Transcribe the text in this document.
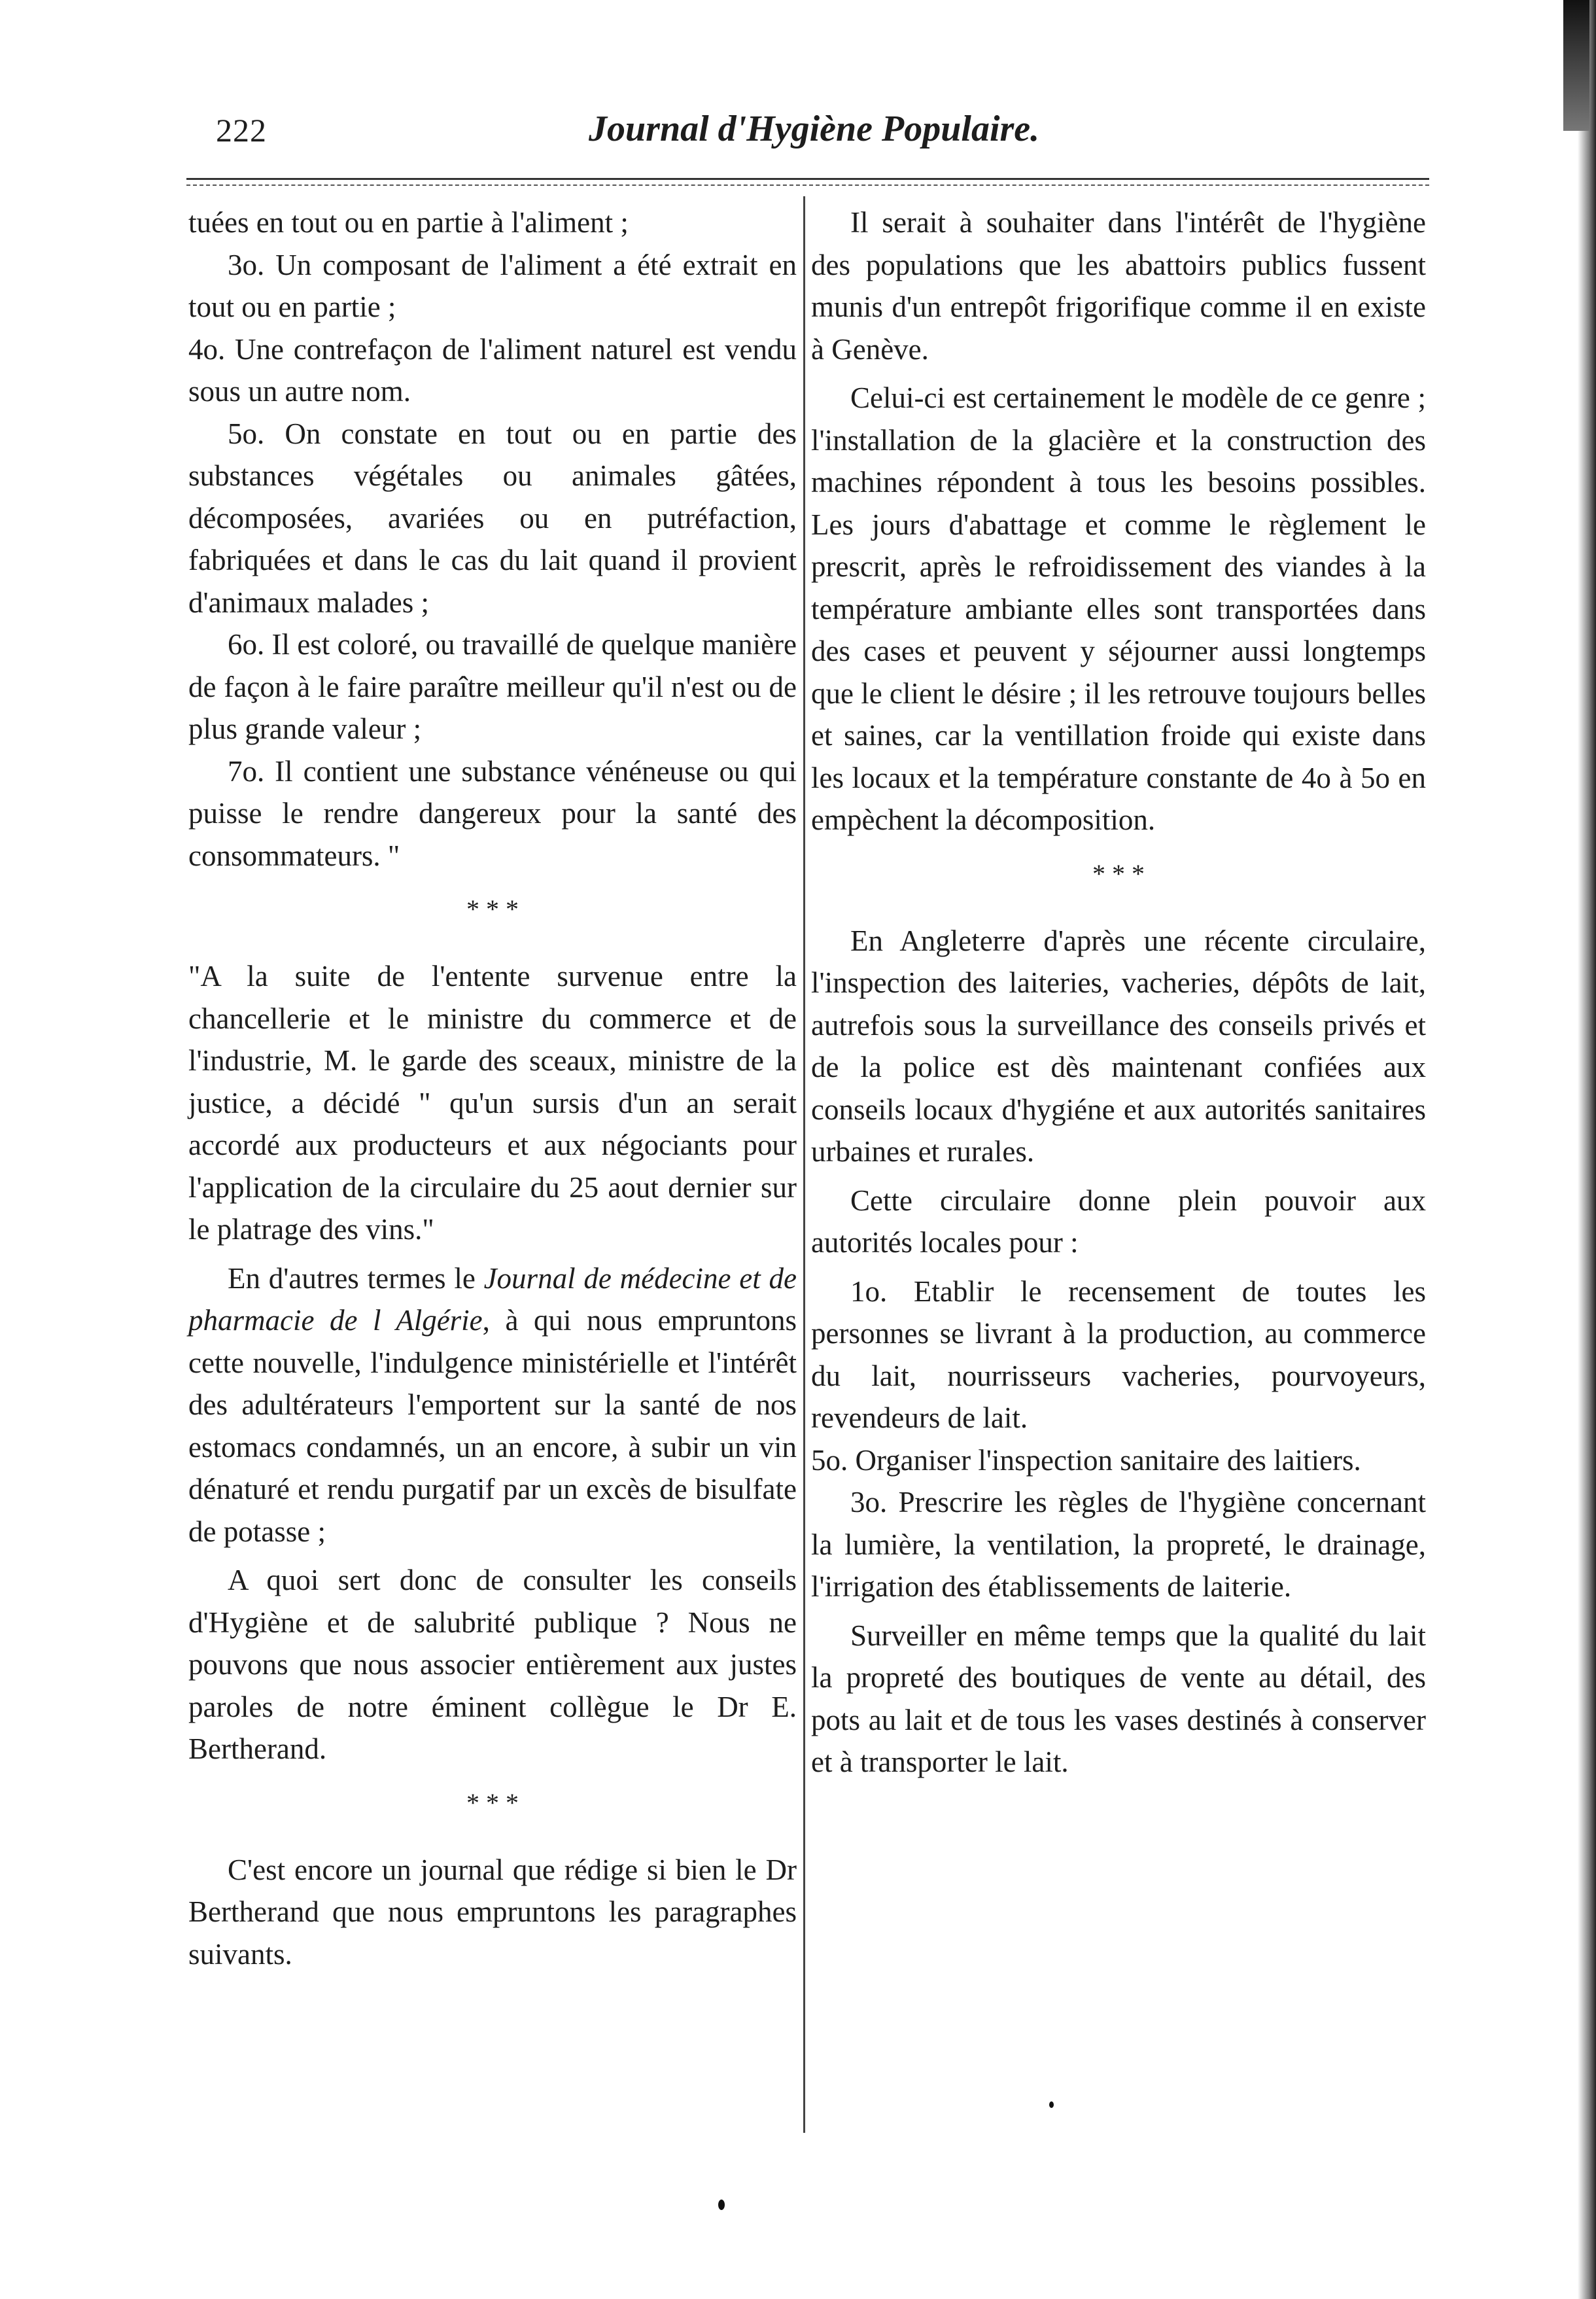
222	Journal d'Hygiène Populaire.

tuées en tout ou en partie à l'aliment ;

3o. Un composant de l'aliment a été extrait en tout ou en partie ;

4o. Une contrefaçon de l'aliment naturel est vendu sous un autre nom.

5o. On constate en tout ou en partie des substances végétales ou animales gâtées, décomposées, avariées ou en putréfaction, fabriquées et dans le cas du lait quand il provient d'animaux malades ;

6o. Il est coloré, ou travaillé de quelque manière de façon à le faire paraître meilleur qu'il n'est ou de plus grande valeur ;

7o. Il contient une substance vénéneuse ou qui puisse le rendre dangereux pour la santé des consommateurs. "

* * *

"A la suite de l'entente survenue entre la chancellerie et le ministre du commerce et de l'industrie, M. le garde des sceaux, ministre de la justice, a décidé " qu'un sursis d'un an serait accordé aux producteurs et aux négociants pour l'application de la circulaire du 25 aout dernier sur le platrage des vins."

En d'autres termes le Journal de médecine et de pharmacie de l Algérie, à qui nous empruntons cette nouvelle, l'indulgence ministérielle et l'intérêt des adultérateurs l'emportent sur la santé de nos estomacs condamnés, un an encore, à subir un vin dénaturé et rendu purgatif par un excès de bisulfate de potasse ;

A quoi sert donc de consulter les conseils d'Hygiène et de salubrité publique ? Nous ne pouvons que nous associer entièrement aux justes paroles de notre éminent collègue le Dr E. Bertherand.

* * *

C'est encore un journal que rédige si bien le Dr Bertherand que nous empruntons les paragraphes suivants.

Il serait à souhaiter dans l'intérêt de l'hygiène des populations que les abattoirs publics fussent munis d'un entrepôt frigorifique comme il en existe à Genève.

Celui-ci est certainement le modèle de ce genre ; l'installation de la glacière et la construction des machines répondent à tous les besoins possibles. Les jours d'abattage et comme le règlement le prescrit, après le refroidissement des viandes à la température ambiante elles sont transportées dans des cases et peuvent y séjourner aussi longtemps que le client le désire ; il les retrouve toujours belles et saines, car la ventillation froide qui existe dans les locaux et la température constante de 4o à 5o en empèchent la décomposition.

* * *

En Angleterre d'après une récente circulaire, l'inspection des laiteries, vacheries, dépôts de lait, autrefois sous la surveillance des conseils privés et de la police est dès maintenant confiées aux conseils locaux d'hygiéne et aux autorités sanitaires urbaines et rurales.

Cette circulaire donne plein pouvoir aux autorités locales pour :

1o. Etablir le recensement de toutes les personnes se livrant à la production, au commerce du lait, nourrisseurs vacheries, pourvoyeurs, revendeurs de lait.

5o. Organiser l'inspection sanitaire des laitiers.

3o. Prescrire les règles de l'hygiène concernant la lumière, la ventilation, la propreté, le drainage, l'irrigation des établissements de laiterie.

Surveiller en même temps que la qualité du lait la propreté des boutiques de vente au détail, des pots au lait et de tous les vases destinés à conserver et à transporter le lait.
